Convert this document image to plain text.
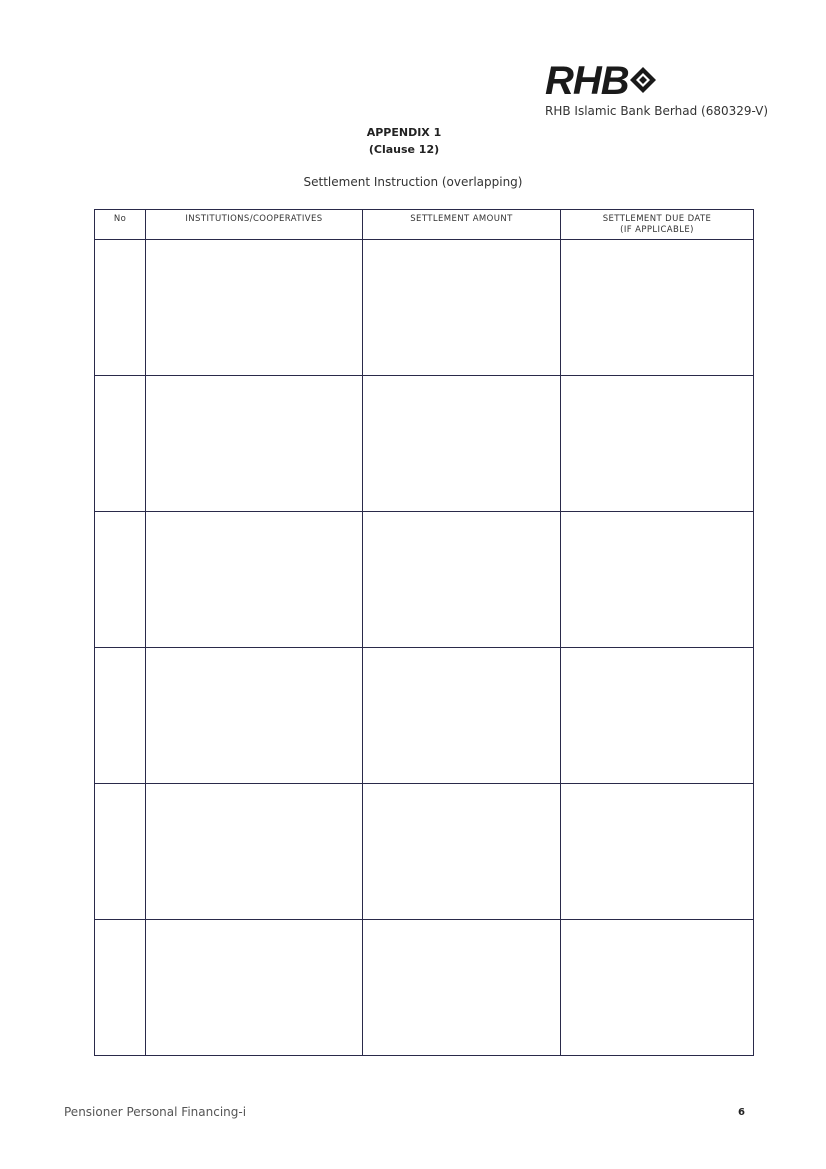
RHB
RHB Islamic Bank Berhad (680329-V)
APPENDIX 1
(Clause 12)
Settlement Instruction (overlapping)
No	INSTITUTIONS/COOPERATIVES	SETTLEMENT AMOUNT	SETTLEMENT DUE DATE
(IF APPLICABLE)

Pensioner Personal Financing-i	6
